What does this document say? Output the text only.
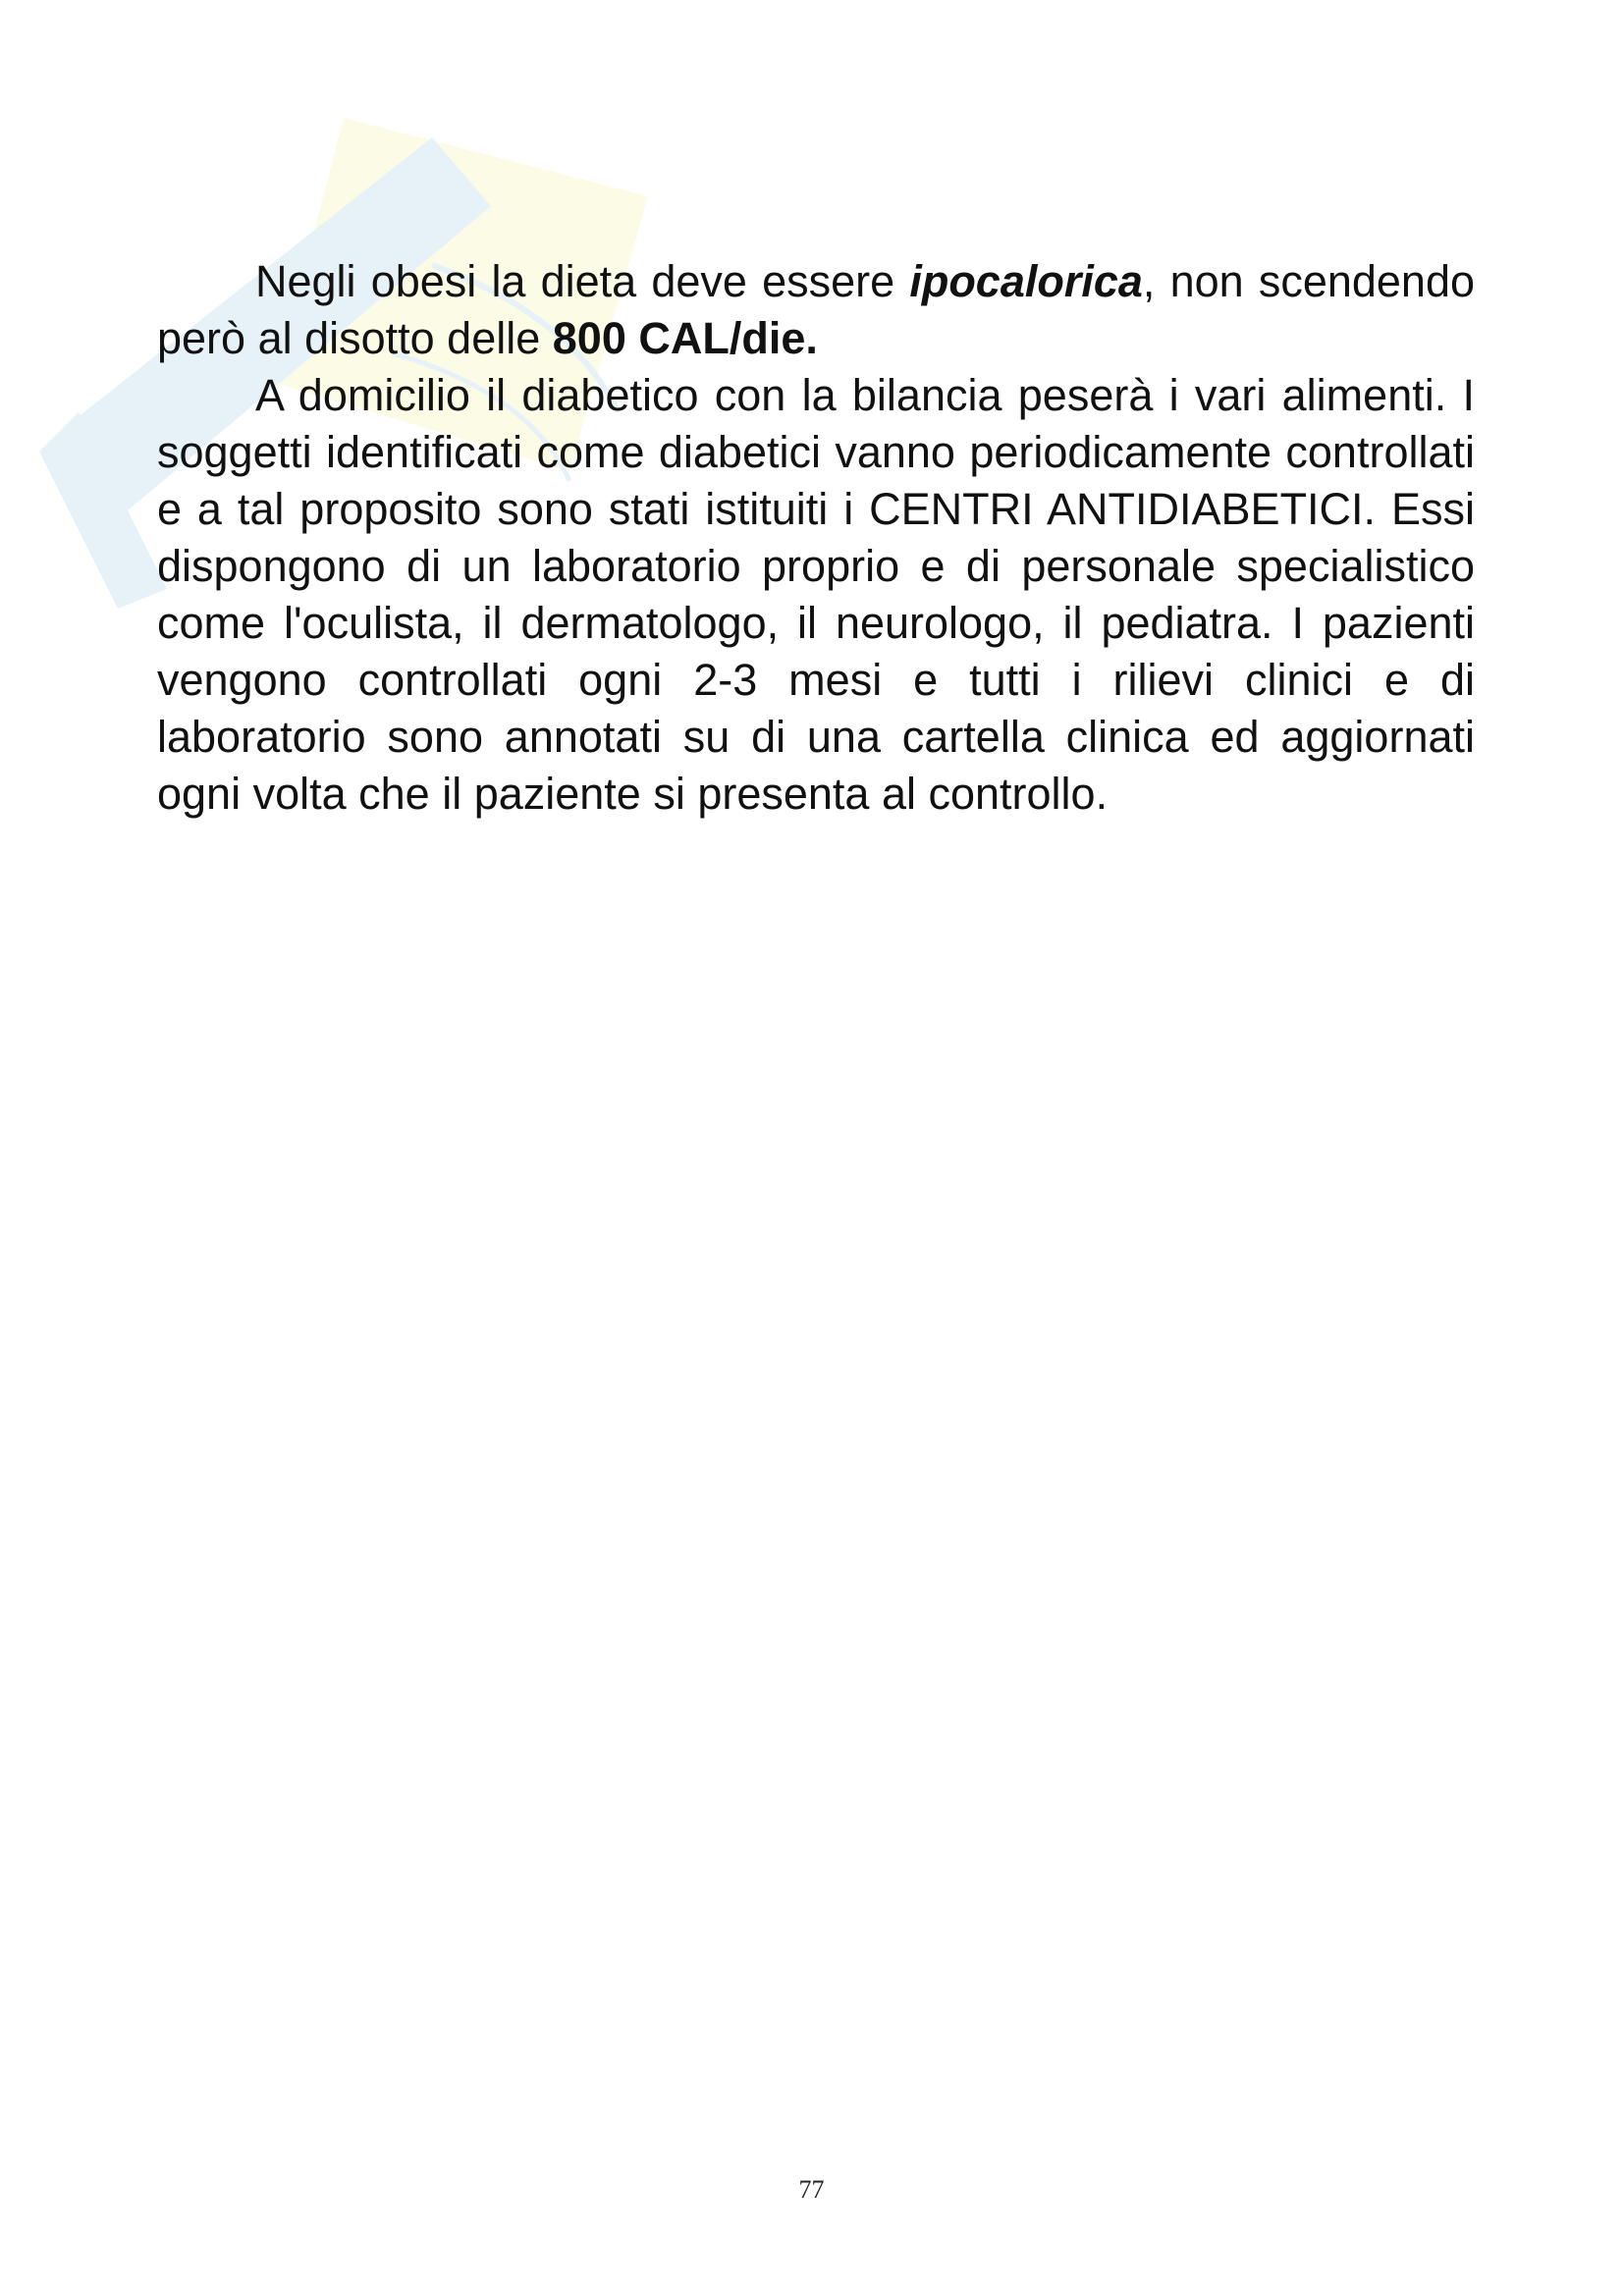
Negli obesi la dieta deve essere ipocalorica, non scendendo però al disotto delle 800 CAL/die.

A domicilio il diabetico con la bilancia peserà i vari alimenti. I soggetti identificati come diabetici vanno periodicamente controllati e a tal proposito sono stati istituiti i CENTRI ANTIDIABETICI. Essi dispongono di un laboratorio proprio e di personale specialistico come l'oculista, il dermatologo, il neurologo, il pediatra. I pazienti vengono controllati ogni 2-3 mesi e tutti i rilievi clinici e di laboratorio sono annotati su di una cartella clinica ed aggiornati ogni volta che il paziente si presenta al controllo.

77
